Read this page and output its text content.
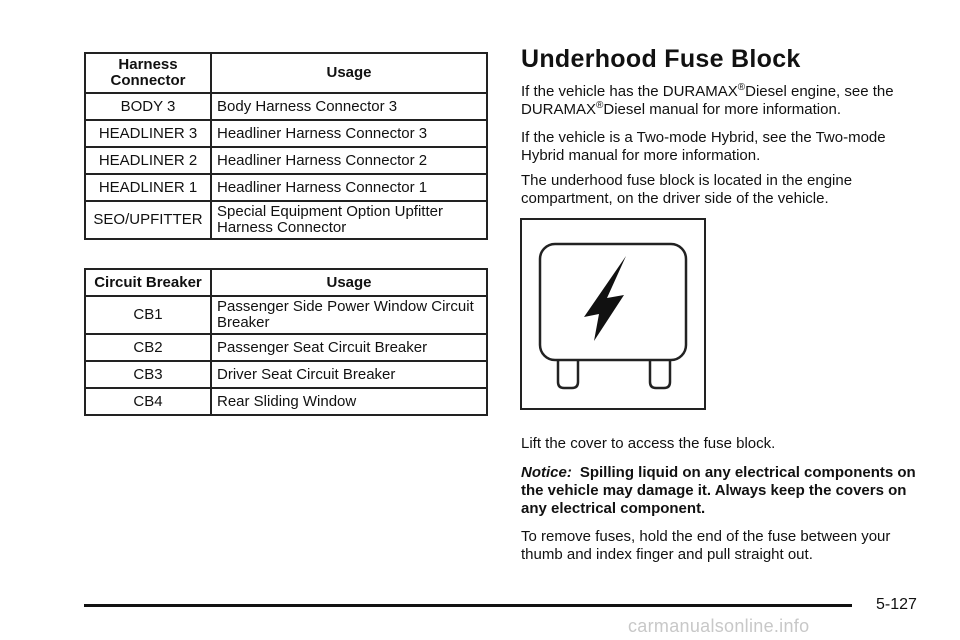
Harness Connector	Usage
BODY 3	Body Harness Connector 3
HEADLINER 3	Headliner Harness Connector 3
HEADLINER 2	Headliner Harness Connector 2
HEADLINER 1	Headliner Harness Connector 1
SEO/UPFITTER	Special Equipment Option Upfitter Harness Connector
Circuit Breaker	Usage
CB1	Passenger Side Power Window Circuit Breaker
CB2	Passenger Seat Circuit Breaker
CB3	Driver Seat Circuit Breaker
CB4	Rear Sliding Window
Underhood Fuse Block

If the vehicle has the DURAMAX®Diesel engine, see the DURAMAX®Diesel manual for more information.

If the vehicle is a Two-mode Hybrid, see the Two-mode Hybrid manual for more information.

The underhood fuse block is located in the engine compartment, on the driver side of the vehicle.

Lift the cover to access the fuse block.

Notice: Spilling liquid on any electrical components on the vehicle may damage it. Always keep the covers on any electrical component.

To remove fuses, hold the end of the fuse between your thumb and index finger and pull straight out.

5-127
carmanualsonline.info
